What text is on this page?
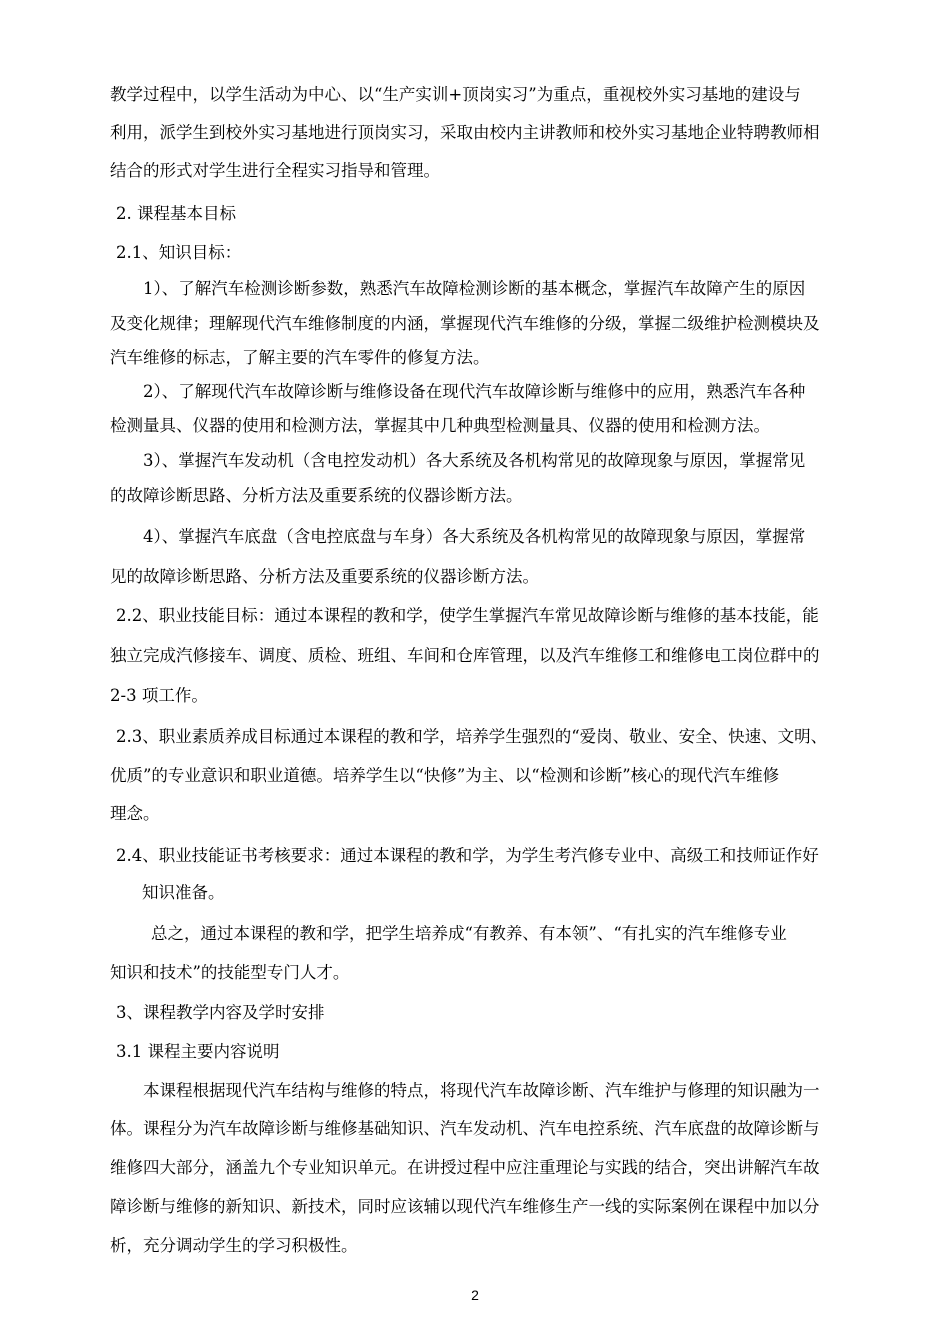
教学过程中，以学生活动为中心、以“生产实训+顶岗实习”为重点，重视校外实习基地的建设与
利用，派学生到校外实习基地进行顶岗实习，采取由校内主讲教师和校外实习基地企业特聘教师相
结合的形式对学生进行全程实习指导和管理。
2. 课程基本目标
2.1、知识目标：
1）、了解汽车检测诊断参数，熟悉汽车故障检测诊断的基本概念，掌握汽车故障产生的原因
及变化规律；理解现代汽车维修制度的内涵，掌握现代汽车维修的分级，掌握二级维护检测模块及
汽车维修的标志，了解主要的汽车零件的修复方法。
2）、了解现代汽车故障诊断与维修设备在现代汽车故障诊断与维修中的应用，熟悉汽车各种
检测量具、仪器的使用和检测方法，掌握其中几种典型检测量具、仪器的使用和检测方法。
3）、掌握汽车发动机（含电控发动机）各大系统及各机构常见的故障现象与原因，掌握常见
的故障诊断思路、分析方法及重要系统的仪器诊断方法。
4）、掌握汽车底盘（含电控底盘与车身）各大系统及各机构常见的故障现象与原因，掌握常
见的故障诊断思路、分析方法及重要系统的仪器诊断方法。
2.2、职业技能目标：通过本课程的教和学，使学生掌握汽车常见故障诊断与维修的基本技能，能
独立完成汽修接车、调度、质检、班组、车间和仓库管理，以及汽车维修工和维修电工岗位群中的
2-3 项工作。
2.3、职业素质养成目标通过本课程的教和学，培养学生强烈的“爱岗、敬业、安全、快速、文明、
优质”的专业意识和职业道德。培养学生以“快修”为主、以“检测和诊断”核心的现代汽车维修
理念。
2.4、职业技能证书考核要求：通过本课程的教和学，为学生考汽修专业中、高级工和技师证作好
知识准备。
总之，通过本课程的教和学，把学生培养成“有教养、有本领”、“有扎实的汽车维修专业
知识和技术”的技能型专门人才。
3、课程教学内容及学时安排
3.1 课程主要内容说明
本课程根据现代汽车结构与维修的特点，将现代汽车故障诊断、汽车维护与修理的知识融为一
体。课程分为汽车故障诊断与维修基础知识、汽车发动机、汽车电控系统、汽车底盘的故障诊断与
维修四大部分，涵盖九个专业知识单元。在讲授过程中应注重理论与实践的结合，突出讲解汽车故
障诊断与维修的新知识、新技术，同时应该辅以现代汽车维修生产一线的实际案例在课程中加以分
析，充分调动学生的学习积极性。
2
